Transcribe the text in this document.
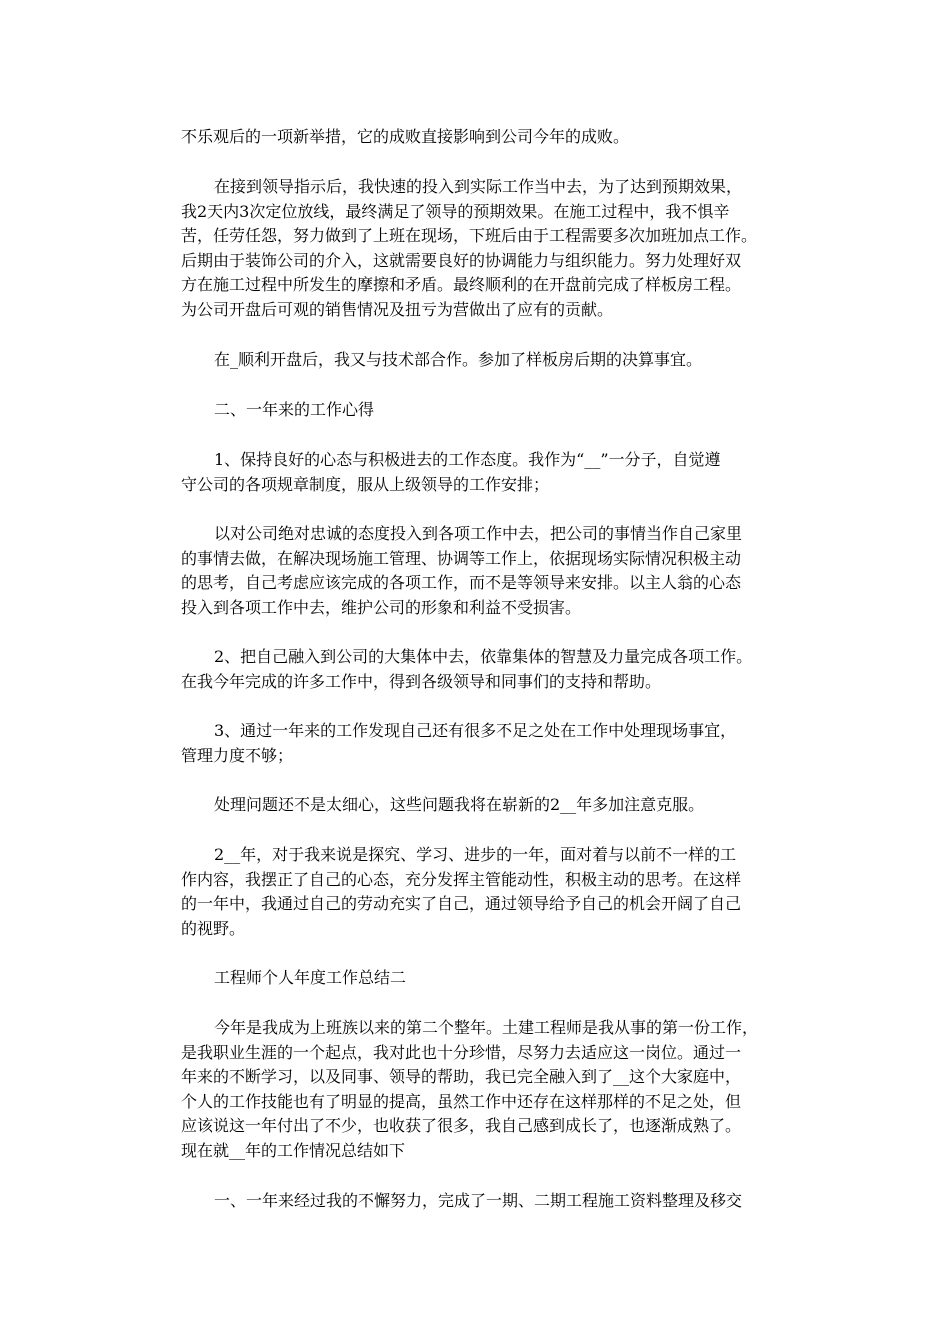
不乐观后的一项新举措，它的成败直接影响到公司今年的成败。

在接到领导指示后，我快速的投入到实际工作当中去，为了达到预期效果，
我2天内3次定位放线，最终满足了领导的预期效果。在施工过程中，我不惧辛
苦，任劳任怨，努力做到了上班在现场，下班后由于工程需要多次加班加点工作。
后期由于装饰公司的介入，这就需要良好的协调能力与组织能力。努力处理好双
方在施工过程中所发生的摩擦和矛盾。最终顺利的在开盘前完成了样板房工程。
为公司开盘后可观的销售情况及扭亏为营做出了应有的贡献。

在_顺利开盘后，我又与技术部合作。参加了样板房后期的决算事宜。

二、一年来的工作心得

1、保持良好的心态与积极进去的工作态度。我作为“__”一分子，自觉遵
守公司的各项规章制度，服从上级领导的工作安排；

以对公司绝对忠诚的态度投入到各项工作中去，把公司的事情当作自己家里
的事情去做，在解决现场施工管理、协调等工作上，依据现场实际情况积极主动
的思考，自己考虑应该完成的各项工作，而不是等领导来安排。以主人翁的心态
投入到各项工作中去，维护公司的形象和利益不受损害。

2、把自己融入到公司的大集体中去，依靠集体的智慧及力量完成各项工作。
在我今年完成的许多工作中，得到各级领导和同事们的支持和帮助。

3、通过一年来的工作发现自己还有很多不足之处在工作中处理现场事宜，
管理力度不够；

处理问题还不是太细心，这些问题我将在崭新的2__年多加注意克服。

2__年，对于我来说是探究、学习、进步的一年，面对着与以前不一样的工
作内容，我摆正了自己的心态，充分发挥主管能动性，积极主动的思考。在这样
的一年中，我通过自己的劳动充实了自己，通过领导给予自己的机会开阔了自己
的视野。

工程师个人年度工作总结二

今年是我成为上班族以来的第二个整年。土建工程师是我从事的第一份工作，
是我职业生涯的一个起点，我对此也十分珍惜，尽努力去适应这一岗位。通过一
年来的不断学习，以及同事、领导的帮助，我已完全融入到了__这个大家庭中，
个人的工作技能也有了明显的提高，虽然工作中还存在这样那样的不足之处，但
应该说这一年付出了不少，也收获了很多，我自己感到成长了，也逐渐成熟了。
现在就__年的工作情况总结如下

一、一年来经过我的不懈努力，完成了一期、二期工程施工资料整理及移交
